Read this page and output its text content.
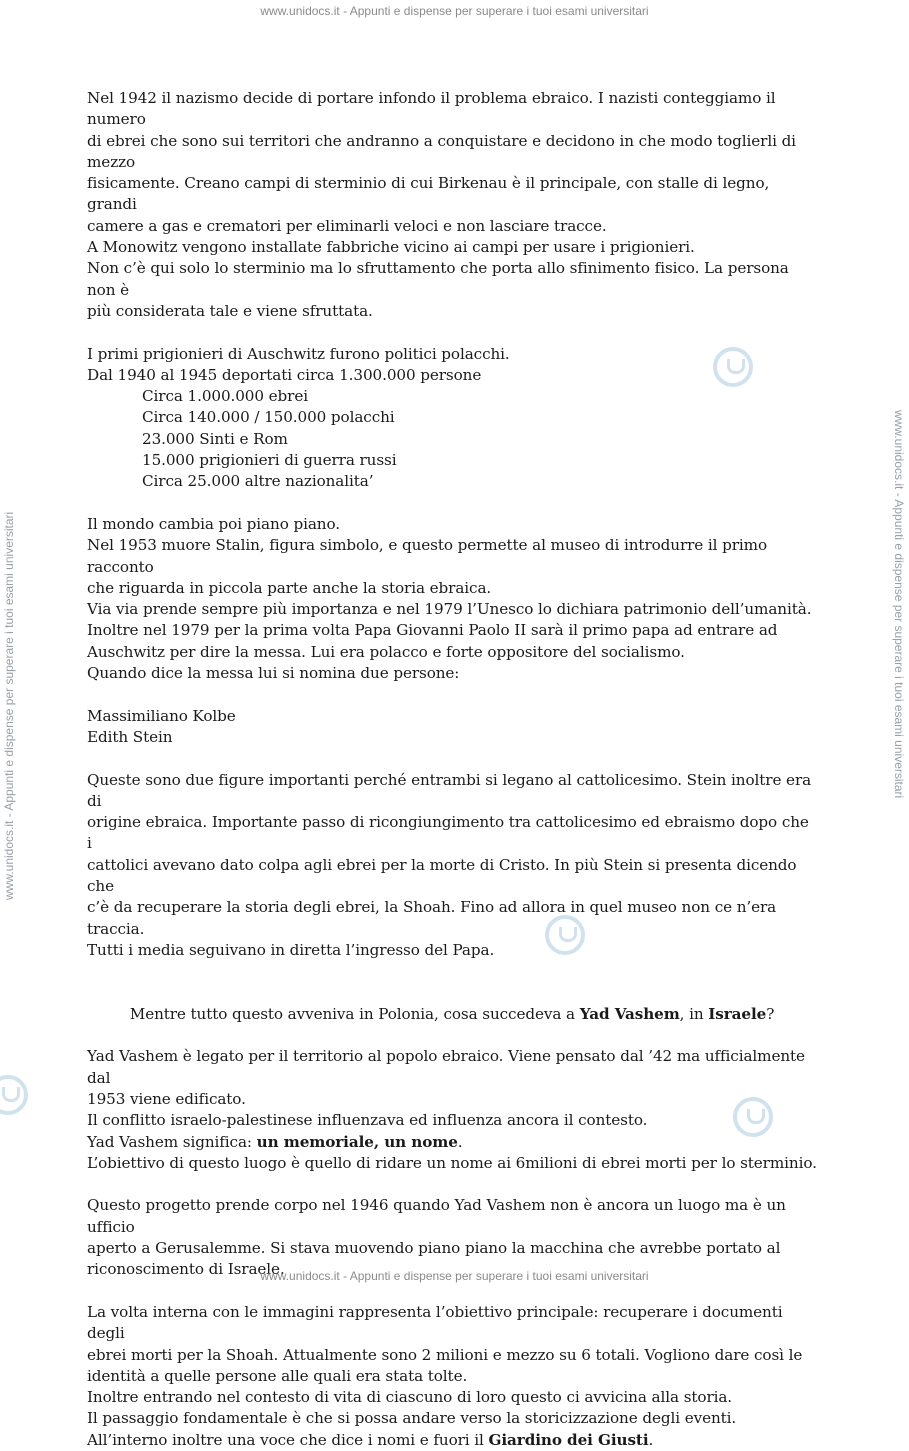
www.unidocs.it - Appunti e dispense per superare i tuoi esami universitari
www.unidocs.it - Appunti e dispense per superare i tuoi esami universitari	www.unidocs.it - Appunti e dispense per superare i tuoi esami universitari

Nel 1942 il nazismo decide di portare infondo il problema ebraico. I nazisti conteggiamo il numero

di ebrei che sono sui territori che andranno a conquistare e decidono in che modo toglierli di mezzo

fisicamente. Creano campi di sterminio di cui Birkenau è il principale, con stalle di legno, grandi

camere a gas e crematori per eliminarli veloci e non lasciare tracce.

A Monowitz vengono installate fabbriche vicino ai campi per usare i prigionieri.

Non c’è qui solo lo sterminio ma lo sfruttamento che porta allo sfinimento fisico. La persona non è

più considerata tale e viene sfruttata.

I primi prigionieri di Auschwitz furono politici polacchi.

Dal 1940 al 1945 deportati circa 1.300.000 persone

Circa 1.000.000 ebrei

Circa 140.000 / 150.000 polacchi

23.000 Sinti e Rom

15.000 prigionieri di guerra russi

Circa 25.000 altre nazionalita’

Il mondo cambia poi piano piano.

Nel 1953 muore Stalin, figura simbolo, e questo permette al museo di introdurre il primo racconto

che riguarda in piccola parte anche la storia ebraica.

Via via prende sempre più importanza e nel 1979 l’Unesco lo dichiara patrimonio dell’umanità.

Inoltre nel 1979 per la prima volta Papa Giovanni Paolo II sarà il primo papa ad entrare ad

Auschwitz per dire la messa. Lui era polacco e forte oppositore del socialismo.

Quando dice la messa lui si nomina due persone:

Massimiliano Kolbe

Edith Stein

Queste sono due figure importanti perché entrambi si legano al cattolicesimo. Stein inoltre era di

origine ebraica. Importante passo di ricongiungimento tra cattolicesimo ed ebraismo dopo che i

cattolici avevano dato colpa agli ebrei per la morte di Cristo. In più Stein si presenta dicendo che

c’è da recuperare la storia degli ebrei, la Shoah. Fino ad allora in quel museo non ce n’era traccia.

Tutti i media seguivano in diretta l’ingresso del Papa.

Mentre tutto questo avveniva in Polonia, cosa succedeva a Yad Vashem, in Israele?

Yad Vashem è legato per il territorio al popolo ebraico. Viene pensato dal ’42 ma ufficialmente dal

1953 viene edificato.

Il conflitto israelo-palestinese influenzava ed influenza ancora il contesto.

Yad Vashem significa: un memoriale, un nome.

L’obiettivo di questo luogo è quello di ridare un nome ai 6milioni di ebrei morti per lo sterminio.

Questo progetto prende corpo nel 1946 quando Yad Vashem non è ancora un luogo ma è un ufficio

aperto a Gerusalemme. Si stava muovendo piano piano la macchina che avrebbe portato al

riconoscimento di Israele.

La volta interna con le immagini rappresenta l’obiettivo principale: recuperare i documenti degli

ebrei morti per la Shoah. Attualmente sono 2 milioni e mezzo su 6 totali. Vogliono dare così le

identità a quelle persone alle quali era stata tolte.

Inoltre entrando nel contesto di vita di ciascuno di loro questo ci avvicina alla storia.

Il passaggio fondamentale è che si possa andare verso la storicizzazione degli eventi.

All’interno inoltre una voce che dice i nomi e fuori il Giardino dei Giusti.

www.unidocs.it - Appunti e dispense per superare i tuoi esami universitari
